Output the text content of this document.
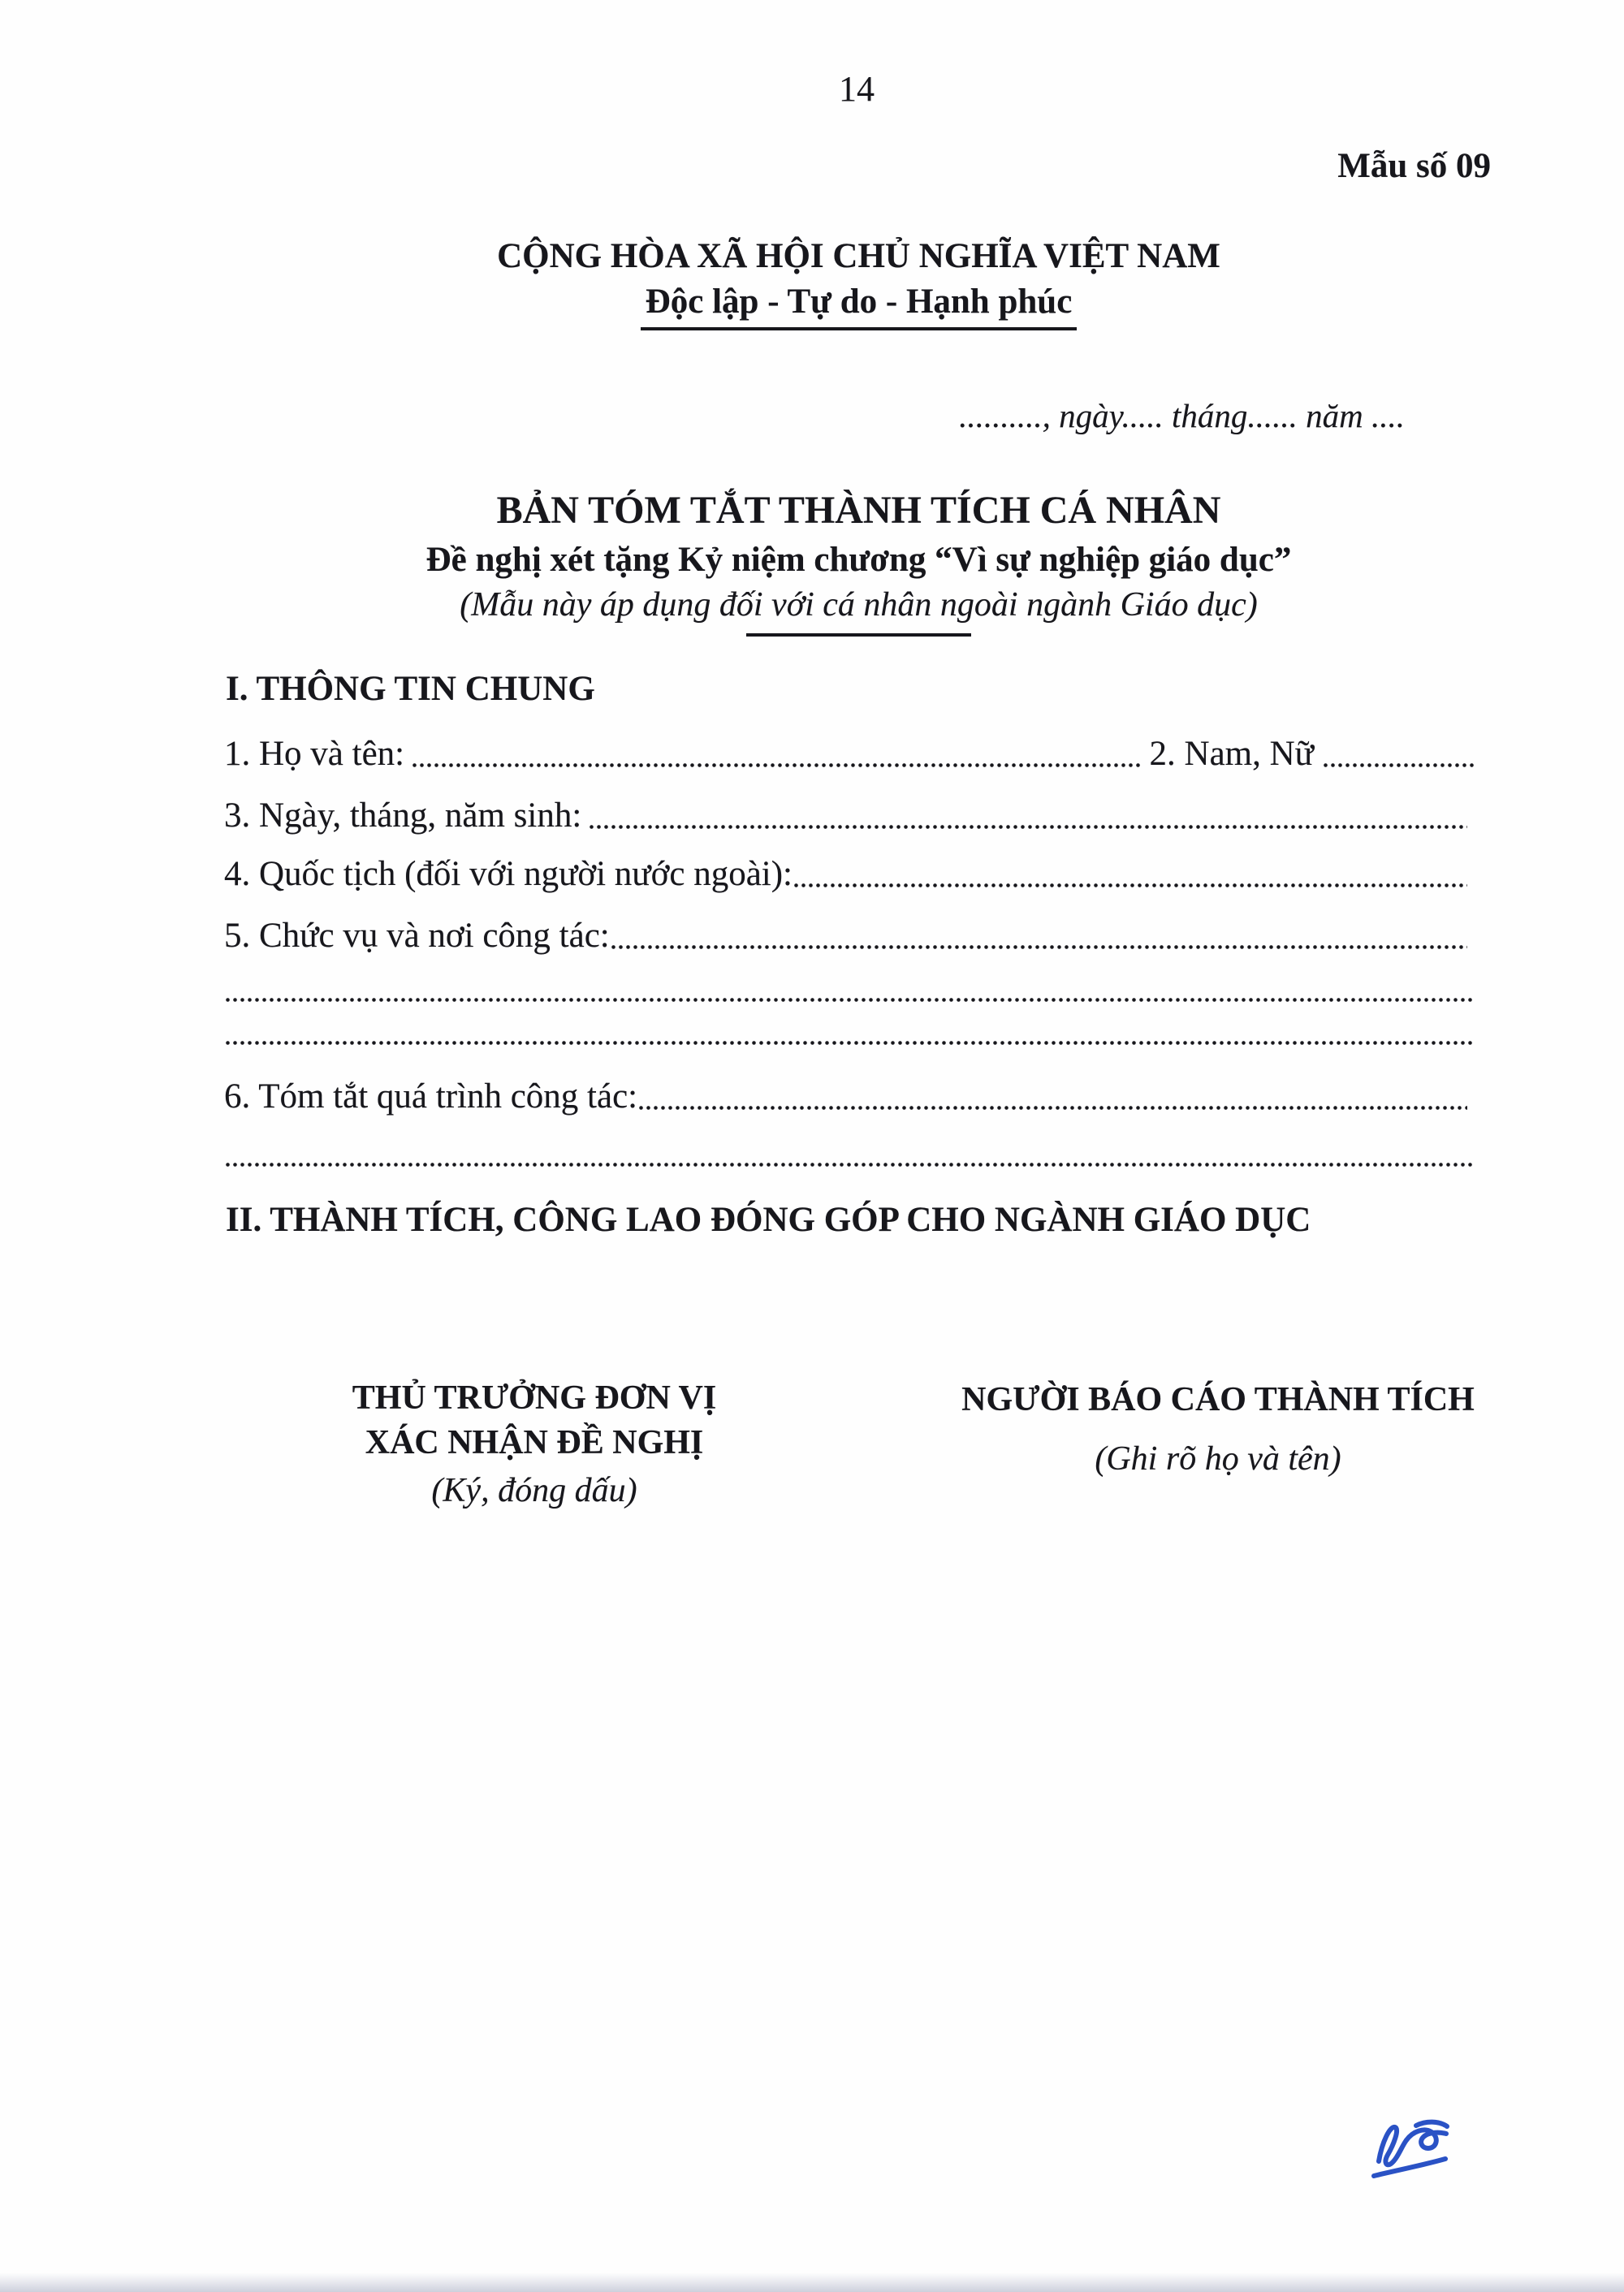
14
Mẫu số 09
CỘNG HÒA XÃ HỘI CHỦ NGHĨA VIỆT NAM
Độc lập - Tự do - Hạnh phúc
.........., ngày..... tháng...... năm ....
BẢN TÓM TẮT THÀNH TÍCH CÁ NHÂN
Đề nghị xét tặng Kỷ niệm chương “Vì sự nghiệp giáo dục”
(Mẫu này áp dụng đối với cá nhân ngoài ngành Giáo dục)
I. THÔNG TIN CHUNG
1. Họ và tên:	2. Nam, Nữ
3. Ngày, tháng, năm sinh:
4. Quốc tịch (đối với người nước ngoài):
5. Chức vụ và nơi công tác:
6. Tóm tắt quá trình công tác:
II. THÀNH TÍCH, CÔNG LAO ĐÓNG GÓP CHO NGÀNH GIÁO DỤC
THỦ TRƯỞNG ĐƠN VỊ
XÁC NHẬN ĐỀ NGHỊ
(Ký, đóng dấu)
NGƯỜI BÁO CÁO THÀNH TÍCH
(Ghi rõ họ và tên)
